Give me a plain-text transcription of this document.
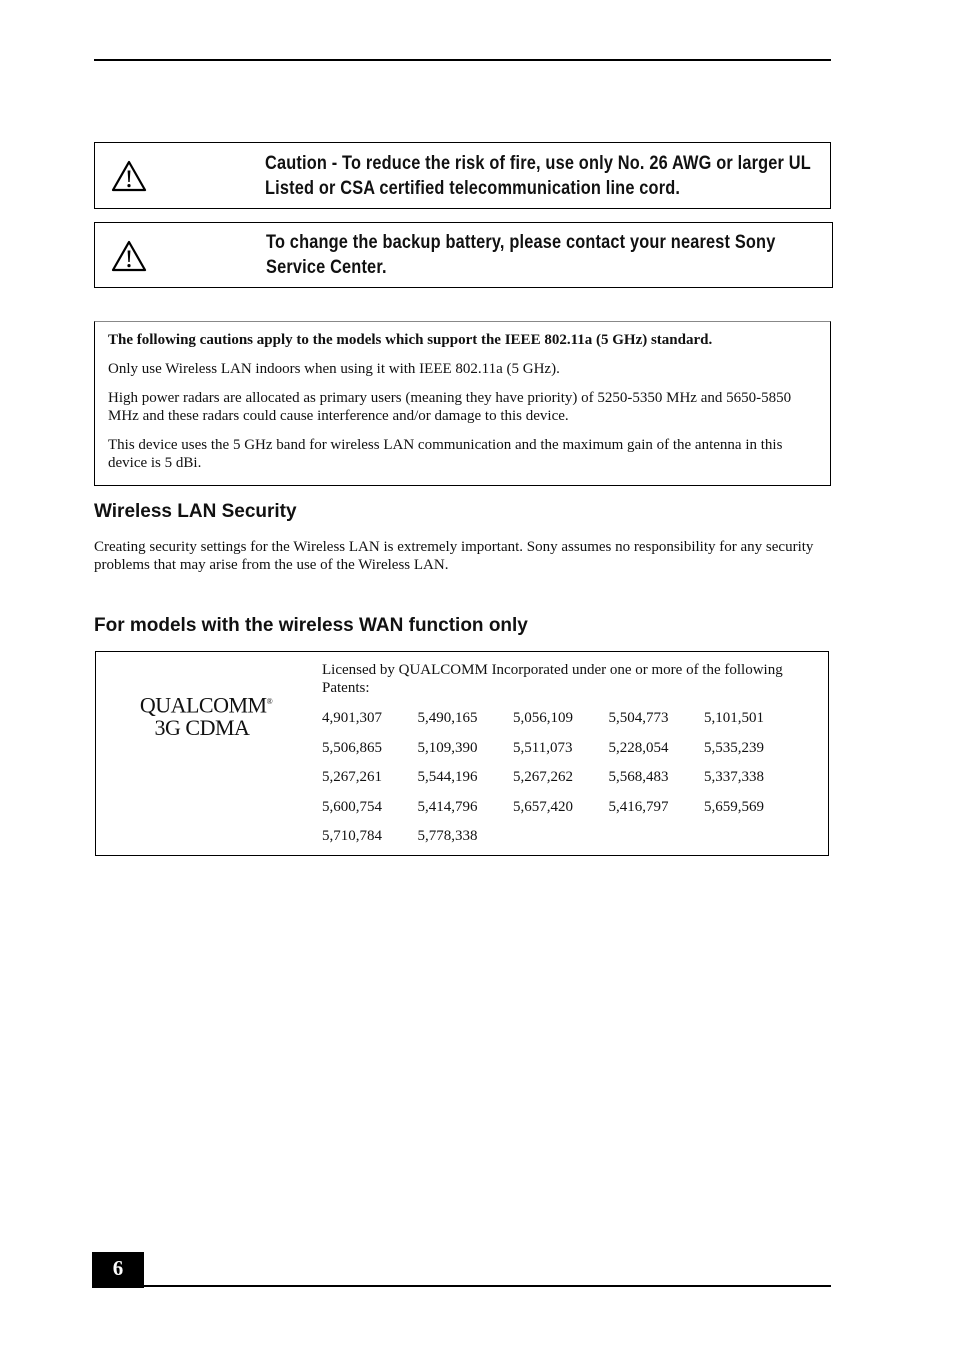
Caution - To reduce the risk of fire, use only No. 26 AWG or larger UL Listed or CSA certified telecommunication line cord.
To change the backup battery, please contact your nearest Sony Service Center.

The following cautions apply to the models which support the IEEE 802.11a (5 GHz) standard.

Only use Wireless LAN indoors when using it with IEEE 802.11a (5 GHz).

High power radars are allocated as primary users (meaning they have priority) of 5250-5350 MHz and 5650-5850 MHz and these radars could cause interference and/or damage to this device.

This device uses the 5 GHz band for wireless LAN communication and the maximum gain of the antenna in this device is 5 dBi.

Wireless LAN Security

Creating security settings for the Wireless LAN is extremely important. Sony assumes no responsibility for any security problems that may arise from the use of the Wireless LAN.

For models with the wireless WAN function only
QUALCOMM®
3G CDMA

Licensed by QUALCOMM Incorporated under one or more of the following Patents:

4,901,307	5,490,165	5,056,109	5,504,773	5,101,501
5,506,865	5,109,390	5,511,073	5,228,054	5,535,239
5,267,261	5,544,196	5,267,262	5,568,483	5,337,338
5,600,754	5,414,796	5,657,420	5,416,797	5,659,569
5,710,784	5,778,338
6
